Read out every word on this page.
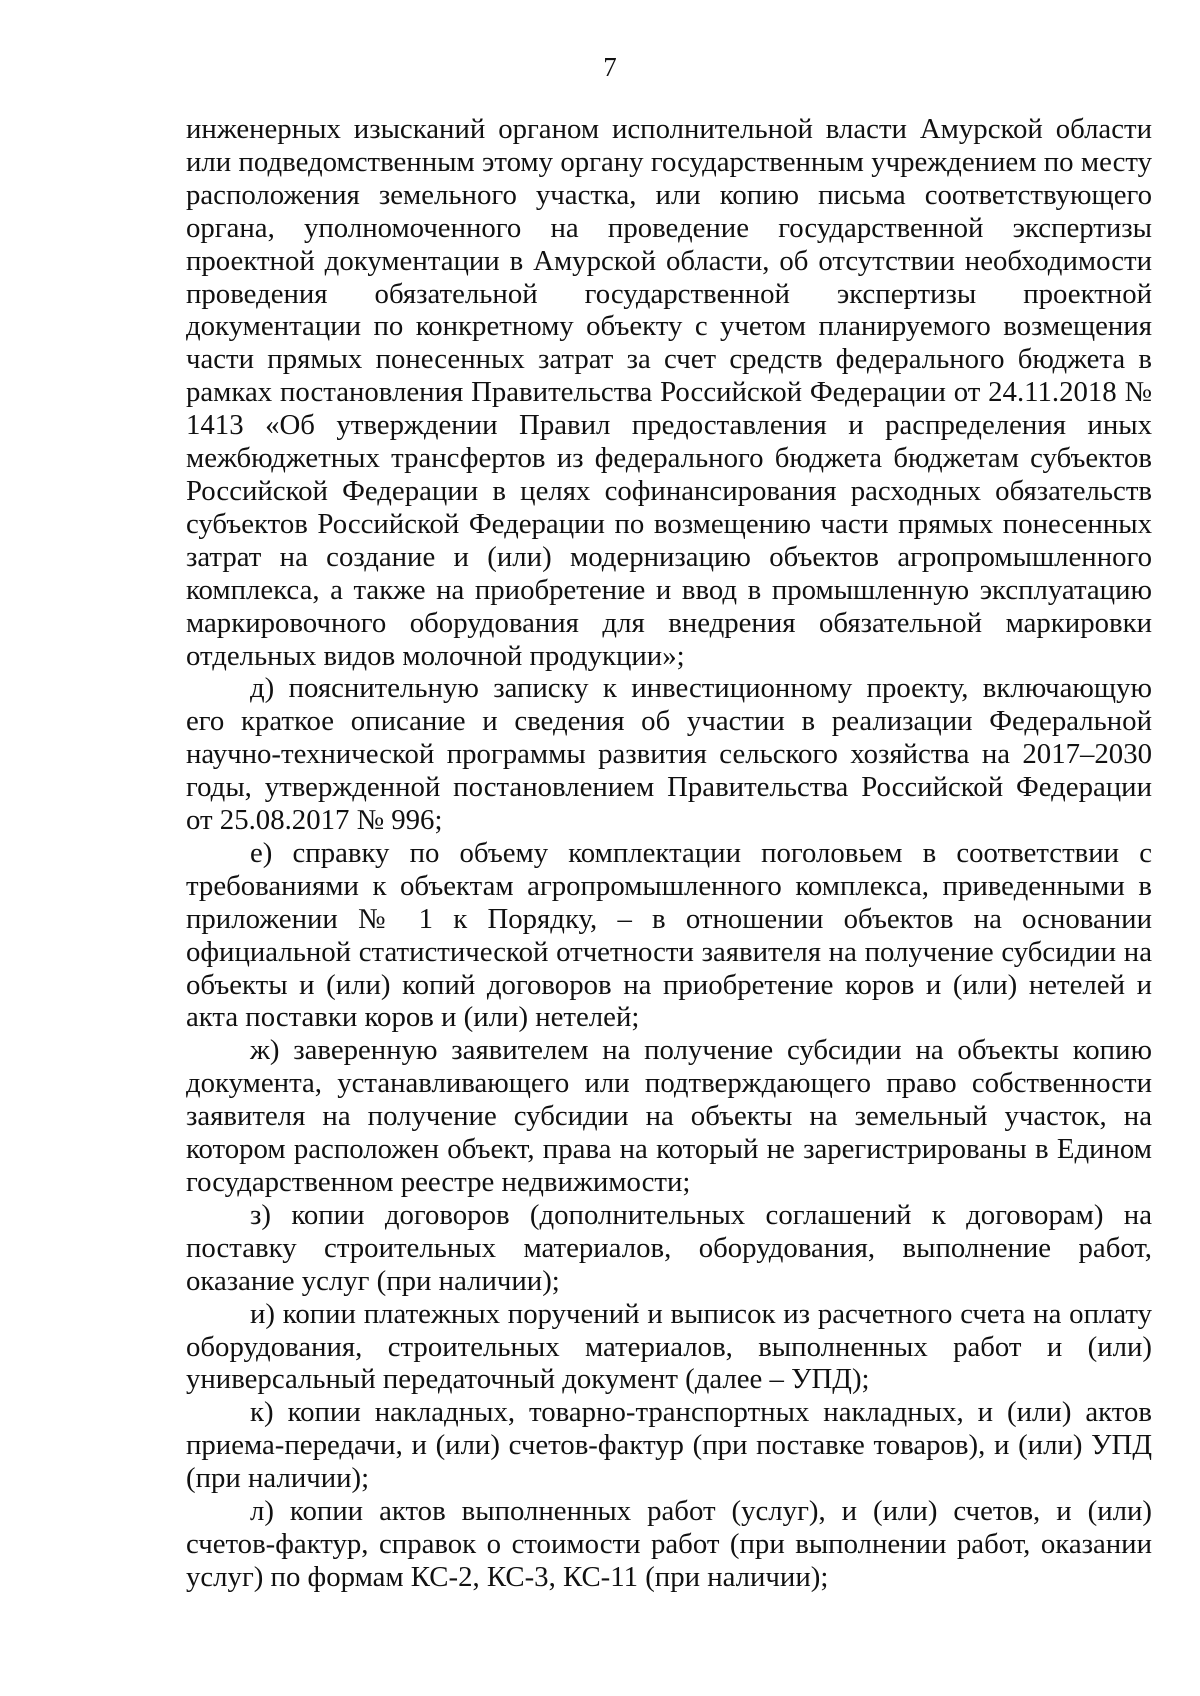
7

инженерных изысканий органом исполнительной власти Амурской области или подведомственным этому органу государственным учреждением по месту расположения земельного участка, или копию письма соответствующего органа, уполномоченного на проведение государственной экспертизы проектной документации в Амурской области, об отсутствии необходимости проведения обязательной государственной экспертизы проектной документации по конкретному объекту с учетом планируемого возмещения части прямых понесенных затрат за счет средств федерального бюджета в рамках постановления Правительства Российской Федерации от 24.11.2018 № 1413 «Об утверждении Правил предоставления и распределения иных межбюджетных трансфертов из федерального бюджета бюджетам субъектов Российской Федерации в целях софинансирования расходных обязательств субъектов Российской Федерации по возмещению части прямых понесенных затрат на создание и (или) модернизацию объектов агропромышленного комплекса, а также на приобретение и ввод в промышленную эксплуатацию маркировочного оборудования для внедрения обязательной маркировки отдельных видов молочной продукции»;

д) пояснительную записку к инвестиционному проекту, включающую его краткое описание и сведения об участии в реализации Федеральной научно-технической программы развития сельского хозяйства на 2017–2030 годы, утвержденной постановлением Правительства Российской Федерации от 25.08.2017 № 996;

е) справку по объему комплектации поголовьем в соответствии с требованиями к объектам агропромышленного комплекса, приведенными в приложении № 1 к Порядку, – в отношении объектов на основании официальной статистической отчетности заявителя на получение субсидии на объекты и (или) копий договоров на приобретение коров и (или) нетелей и акта поставки коров и (или) нетелей;

ж) заверенную заявителем на получение субсидии на объекты копию документа, устанавливающего или подтверждающего право собственности заявителя на получение субсидии на объекты на земельный участок, на котором расположен объект, права на который не зарегистрированы в Едином государственном реестре недвижимости;

з) копии договоров (дополнительных соглашений к договорам) на поставку строительных материалов, оборудования, выполнение работ, оказание услуг (при наличии);

и) копии платежных поручений и выписок из расчетного счета на оплату оборудования, строительных материалов, выполненных работ и (или) универсальный передаточный документ (далее – УПД);

к) копии накладных, товарно-транспортных накладных, и (или) актов приема-передачи, и (или) счетов-фактур (при поставке товаров), и (или) УПД (при наличии);

л) копии актов выполненных работ (услуг), и (или) счетов, и (или) счетов-фактур, справок о стоимости работ (при выполнении работ, оказании услуг) по формам КС-2, КС-3, КС-11 (при наличии);
